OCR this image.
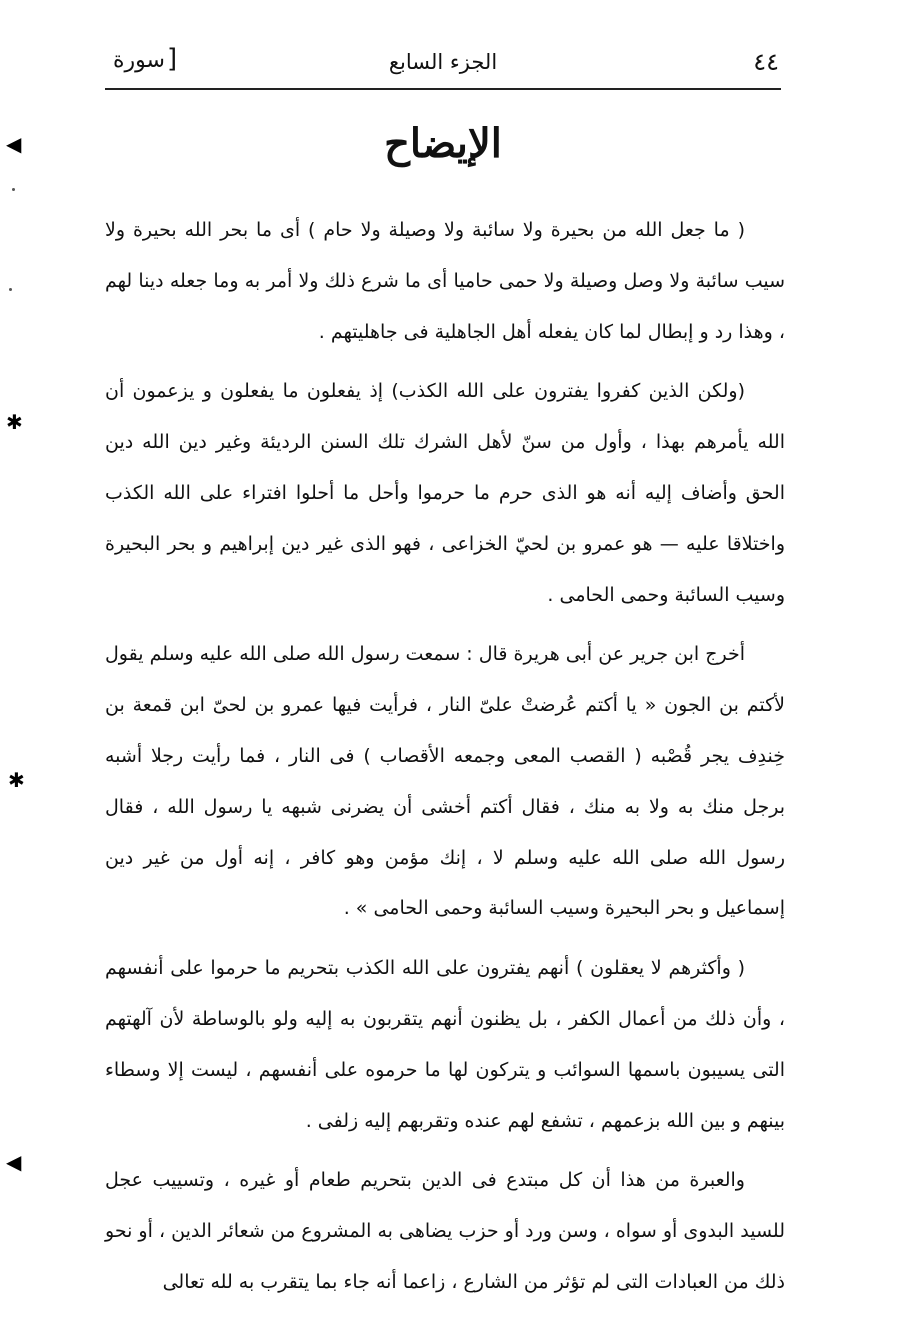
٤٤
الجزء السابع
[
سورة
الإيضاح

( ما جعل الله من بحيرة ولا سائبة ولا وصيلة ولا حام ) أى ما بحر الله بحيرة ولا سيب سائبة ولا وصل وصيلة ولا حمى حاميا أى ما شرع ذلك ولا أمر به وما جعله دينا لهم ، وهذا رد و إبطال لما كان يفعله أهل الجاهلية فى جاهليتهم .

(ولكن الذين كفروا يفترون على الله الكذب) إذ يفعلون ما يفعلون و يزعمون أن الله يأمرهم بهذا ، وأول من سنّ لأهل الشرك تلك السنن الرديئة وغير دين الله دين الحق وأضاف إليه أنه هو الذى حرم ما حرموا وأحل ما أحلوا افتراء على الله الكذب واختلاقا عليه — هو عمرو بن لحيّ الخزاعى ، فهو الذى غير دين إبراهيم و بحر البحيرة وسيب السائبة وحمى الحامى .

أخرج ابن جرير عن أبى هريرة قال : سمعت رسول الله صلى الله عليه وسلم يقول لأكتم بن الجون « يا أكتم عُرضتْ علىّ النار ، فرأيت فيها عمرو بن لحىّ ابن قمعة بن خِندِف يجر قُصْبه ( القصب المعى وجمعه الأقصاب ) فى النار ، فما رأيت رجلا أشبه برجل منك به ولا به منك ، فقال أكتم أخشى أن يضرنى شبهه يا رسول الله ، فقال رسول الله صلى الله عليه وسلم لا ، إنك مؤمن وهو كافر ، إنه أول من غير دين إسماعيل و بحر البحيرة وسيب السائبة وحمى الحامى » .

( وأكثرهم لا يعقلون ) أنهم يفترون على الله الكذب بتحريم ما حرموا على أنفسهم ، وأن ذلك من أعمال الكفر ، بل يظنون أنهم يتقربون به إليه ولو بالوساطة لأن آلهتهم التى يسيبون باسمها السوائب و يتركون لها ما حرموه على أنفسهم ، ليست إلا وسطاء بينهم و بين الله بزعمهم ، تشفع لهم عنده وتقربهم إليه زلفى .

والعبرة من هذا أن كل مبتدع فى الدين بتحريم طعام أو غيره ، وتسييب عجل للسيد البدوى أو سواه ، وسن ورد أو حزب يضاهى به المشروع من شعائر الدين ، أو نحو ذلك من العبادات التى لم تؤثر من الشارع ، زاعما أنه جاء بما يتقرب به لله تعالى

◀
✱
✱
◀
